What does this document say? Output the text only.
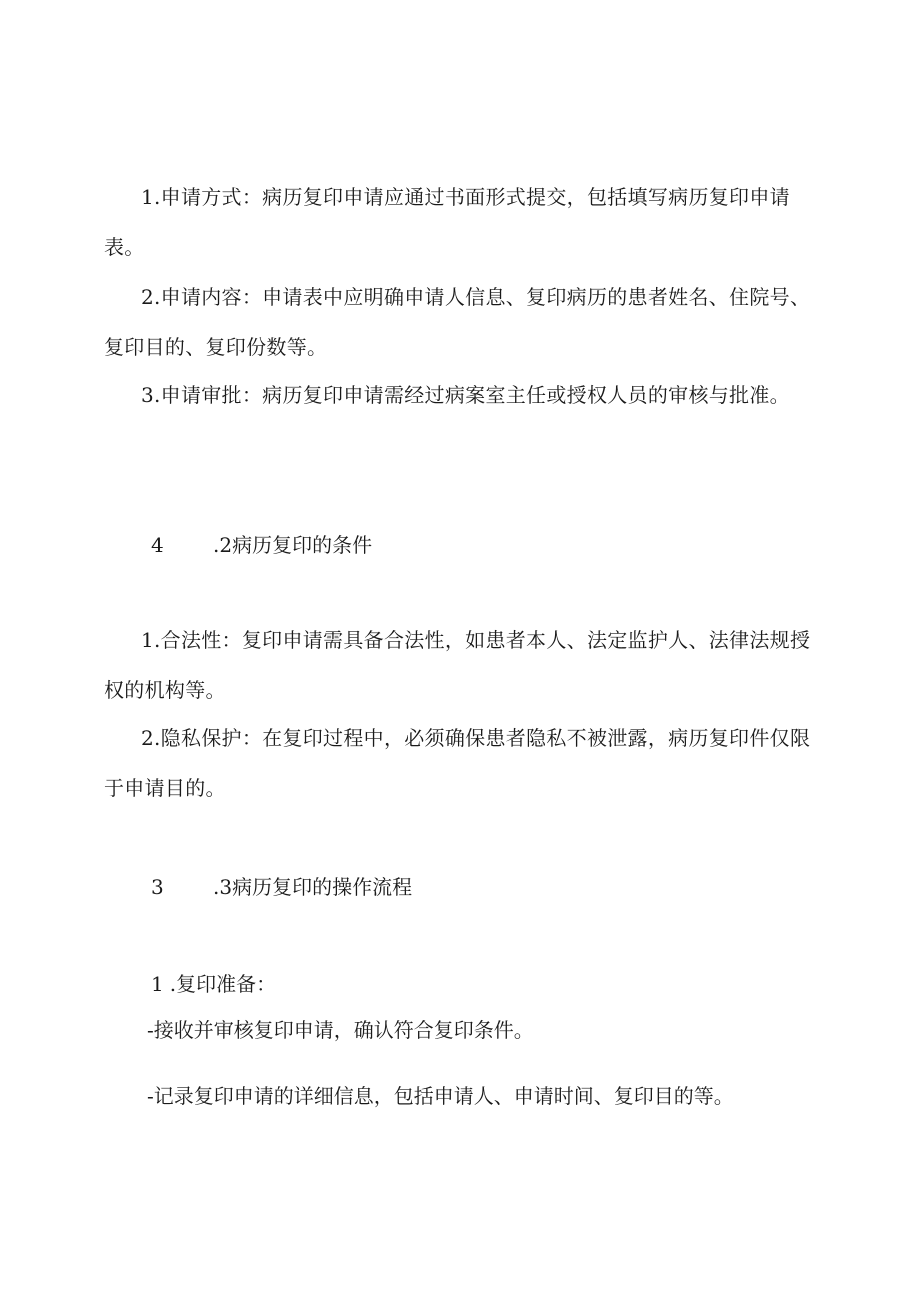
1.申请方式：病历复印申请应通过书面形式提交，包括填写病历复印申请表。

2.申请内容：申请表中应明确申请人信息、复印病历的患者姓名、住院号、复印目的、复印份数等。

3.申请审批：病历复印申请需经过病案室主任或授权人员的审核与批准。

4 .2病历复印的条件

1.合法性：复印申请需具备合法性，如患者本人、法定监护人、法律法规授权的机构等。

2.隐私保护：在复印过程中，必须确保患者隐私不被泄露，病历复印件仅限于申请目的。

3 .3病历复印的操作流程

1 .复印准备：

-接收并审核复印申请，确认符合复印条件。

-记录复印申请的详细信息，包括申请人、申请时间、复印目的等。
